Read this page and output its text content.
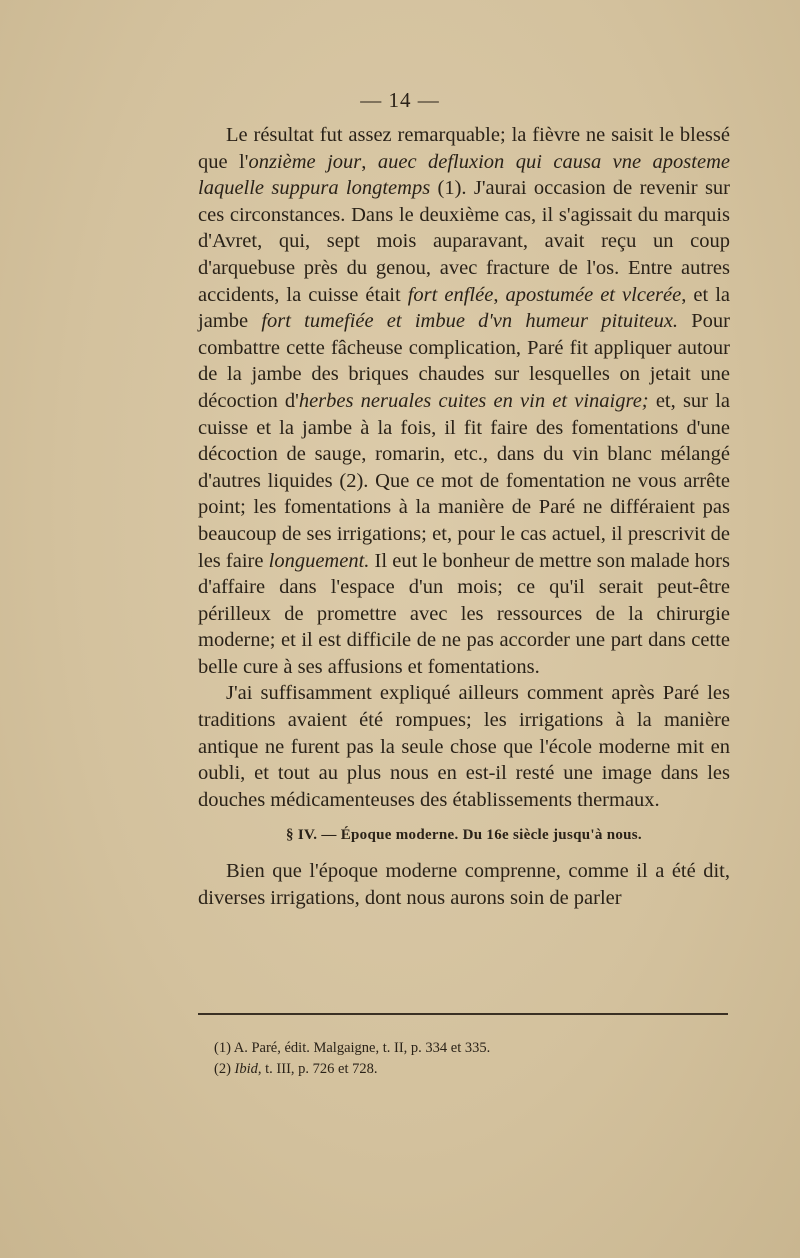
— 14 —

Le résultat fut assez remarquable; la fièvre ne saisit le blessé que l'onzième jour, auec defluxion qui causa vne aposteme laquelle suppura longtemps (1). J'aurai occasion de revenir sur ces circonstances. Dans le deuxième cas, il s'agissait du marquis d'Avret, qui, sept mois auparavant, avait reçu un coup d'arquebuse près du genou, avec fracture de l'os. Entre autres accidents, la cuisse était fort enflée, apostumée et vlcerée, et la jambe fort tumefiée et imbue d'vn humeur pituiteux. Pour combattre cette fâcheuse complication, Paré fit appliquer autour de la jambe des briques chaudes sur lesquelles on jetait une décoction d'herbes neruales cuites en vin et vinaigre; et, sur la cuisse et la jambe à la fois, il fit faire des fomentations d'une décoction de sauge, romarin, etc., dans du vin blanc mélangé d'autres liquides (2). Que ce mot de fomentation ne vous arrête point; les fomentations à la manière de Paré ne différaient pas beaucoup de ses irrigations; et, pour le cas actuel, il prescrivit de les faire longuement. Il eut le bonheur de mettre son malade hors d'affaire dans l'espace d'un mois; ce qu'il serait peut-être périlleux de promettre avec les ressources de la chirurgie moderne; et il est difficile de ne pas accorder une part dans cette belle cure à ses affusions et fomentations.

J'ai suffisamment expliqué ailleurs comment après Paré les traditions avaient été rompues; les irrigations à la manière antique ne furent pas la seule chose que l'école moderne mit en oubli, et tout au plus nous en est-il resté une image dans les douches médicamenteuses des établissements thermaux.

§ IV. — Époque moderne. Du 16e siècle jusqu'à nous.

Bien que l'époque moderne comprenne, comme il a été dit, diverses irrigations, dont nous aurons soin de parler

(1) A. Paré, édit. Malgaigne, t. II, p. 334 et 335.

(2) Ibid, t. III, p. 726 et 728.
